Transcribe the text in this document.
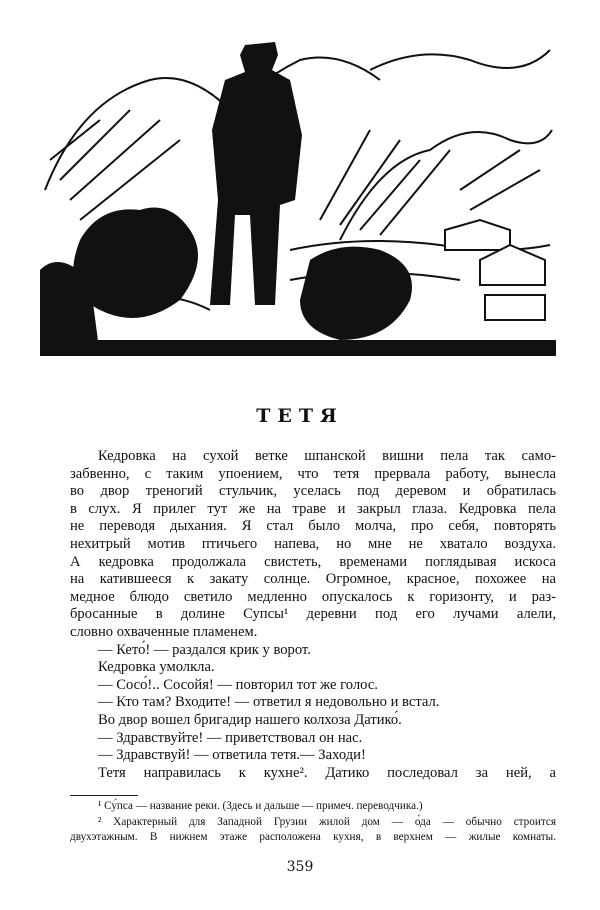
ТЕТЯ
Кедровка на сухой ветке шпанской вишни пела так само-
забвенно, с таким упоением, что тетя прервала работу, вынесла
во двор треногий стульчик, уселась под деревом и обратилась
в слух. Я прилег тут же на траве и закрыл глаза. Кедровка пела
не переводя дыхания. Я стал было молча, про себя, повторять
нехитрый мотив птичьего напева, но мне не хватало воздуха.
А кедровка продолжала свистеть, временами поглядывая искоса
на катившееся к закату солнце. Огромное, красное, похожее на
медное блюдо светило медленно опускалось к горизонту, и раз-
бросанные в долине Супсы¹ деревни под его лучами алели,
словно охваченные пламенем.
— Кето́! — раздался крик у ворот.
Кедровка умолкла.
— Сосо́!.. Сосойя! — повторил тот же голос.
— Кто там? Входите! — ответил я недовольно и встал.
Во двор вошел бригадир нашего колхоза Датико́.
— Здравствуйте! — приветствовал он нас.
— Здравствуй! — ответила тетя.— Заходи!
Тетя направилась к кухне². Датико последовал за ней, а
¹ Су́пса — название реки. (Здесь и дальше — примеч. переводчика.)
² Характерный для Западной Грузии жилой дом — о́да — обычно строится
двухэтажным. В нижнем этаже расположена кухня, в верхнем — жилые комнаты.
359
